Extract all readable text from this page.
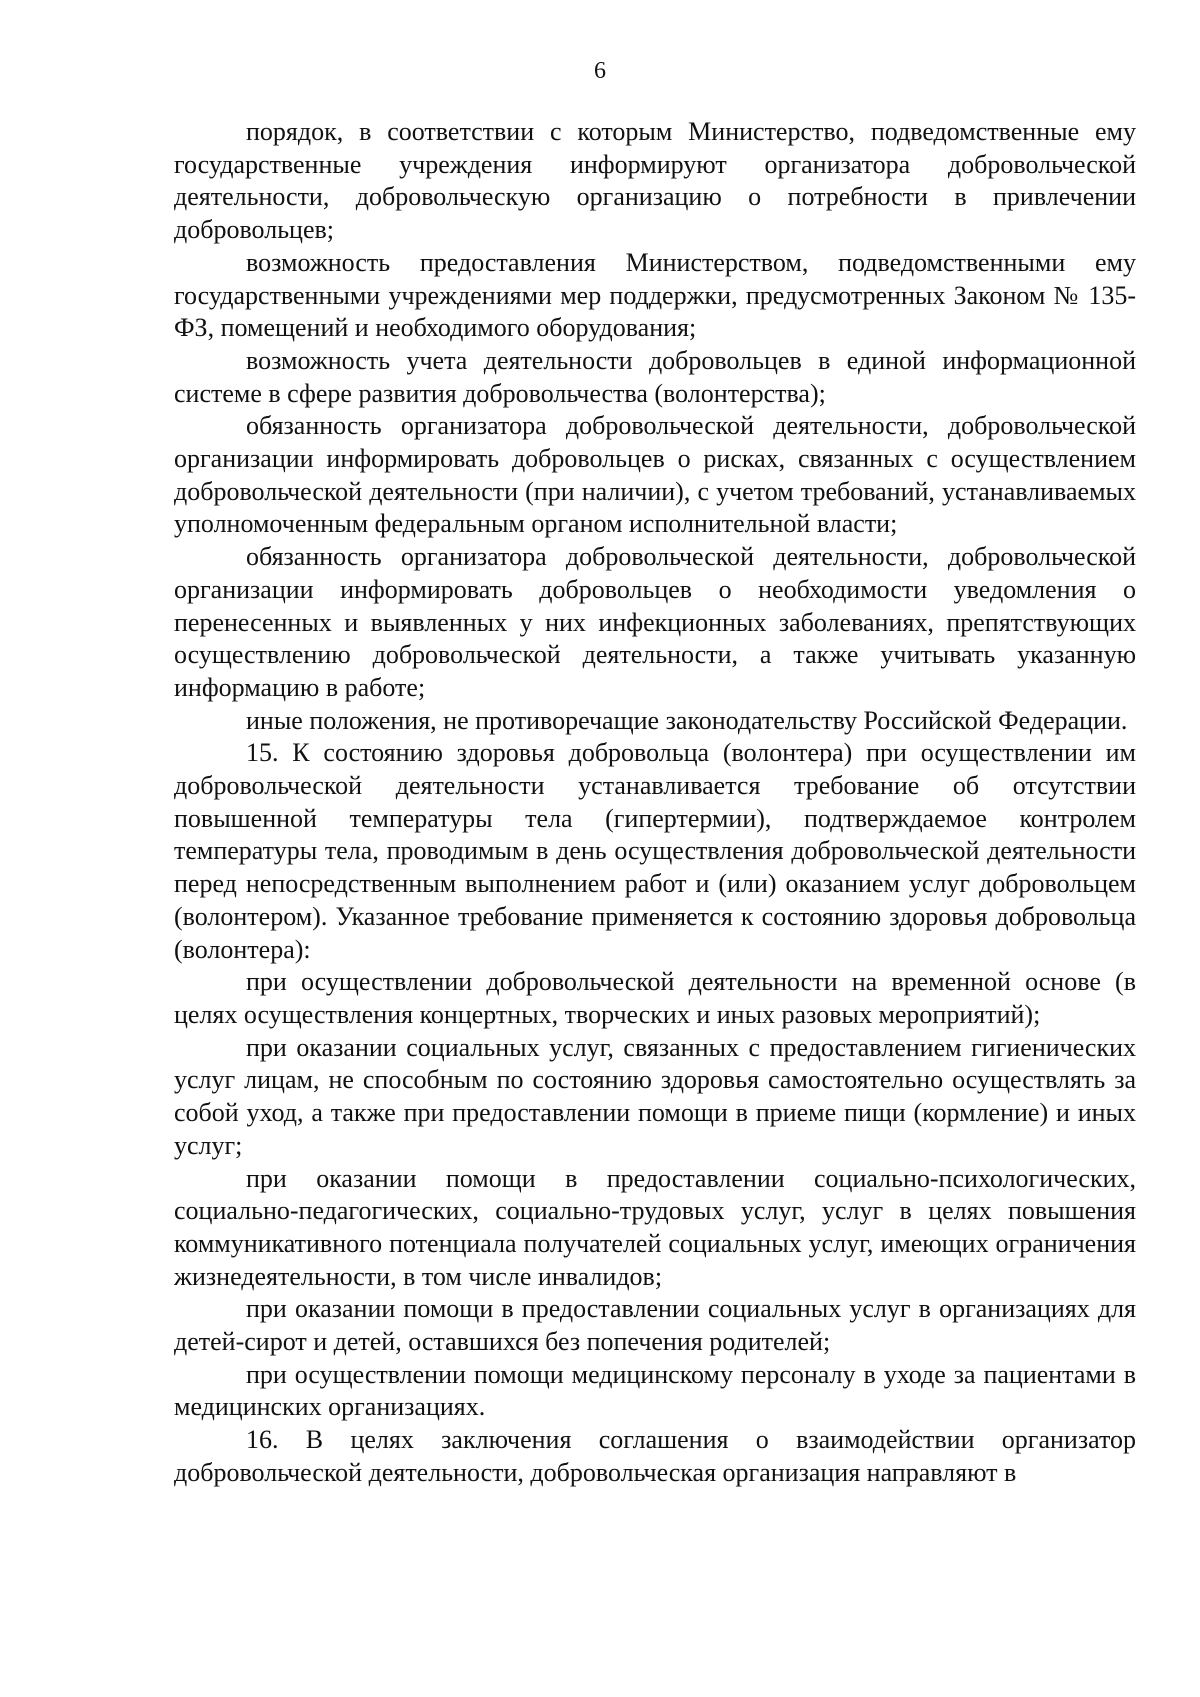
6

порядок, в соответствии с которым Министерство, подведомственные ему государственные учреждения информируют организатора добровольческой деятельности, добровольческую организацию о потребности в привлечении добровольцев;

возможность предоставления Министерством, подведомственными ему государственными учреждениями мер поддержки, предусмотренных Законом № 135-ФЗ, помещений и необходимого оборудования;

возможность учета деятельности добровольцев в единой информационной системе в сфере развития добровольчества (волонтерства);

обязанность организатора добровольческой деятельности, добровольческой организации информировать добровольцев о рисках, связанных с осуществлением добровольческой деятельности (при наличии), с учетом требований, устанавливаемых уполномоченным федеральным органом исполнительной власти;

обязанность организатора добровольческой деятельности, добровольческой организации информировать добровольцев о необходимости уведомления о перенесенных и выявленных у них инфекционных заболеваниях, препятствующих осуществлению добровольческой деятельности, а также учитывать указанную информацию в работе;

иные положения, не противоречащие законодательству Российской Федерации.

15. К состоянию здоровья добровольца (волонтера) при осуществлении им добровольческой деятельности устанавливается требование об отсутствии повышенной температуры тела (гипертермии), подтверждаемое контролем температуры тела, проводимым в день осуществления добровольческой деятельности перед непосредственным выполнением работ и (или) оказанием услуг добровольцем (волонтером). Указанное требование применяется к состоянию здоровья добровольца (волонтера):

при осуществлении добровольческой деятельности на временной основе (в целях осуществления концертных, творческих и иных разовых мероприятий);

при оказании социальных услуг, связанных с предоставлением гигиенических услуг лицам, не способным по состоянию здоровья самостоятельно осуществлять за собой уход, а также при предоставлении помощи в приеме пищи (кормление) и иных услуг;

при оказании помощи в предоставлении социально-психологических, социально-педагогических, социально-трудовых услуг, услуг в целях повышения коммуникативного потенциала получателей социальных услуг, имеющих ограничения жизнедеятельности, в том числе инвалидов;

при оказании помощи в предоставлении социальных услуг в организациях для детей-сирот и детей, оставшихся без попечения родителей;

при осуществлении помощи медицинскому персоналу в уходе за пациентами в медицинских организациях.

16. В целях заключения соглашения о взаимодействии организатор добровольческой деятельности, добровольческая организация направляют в
